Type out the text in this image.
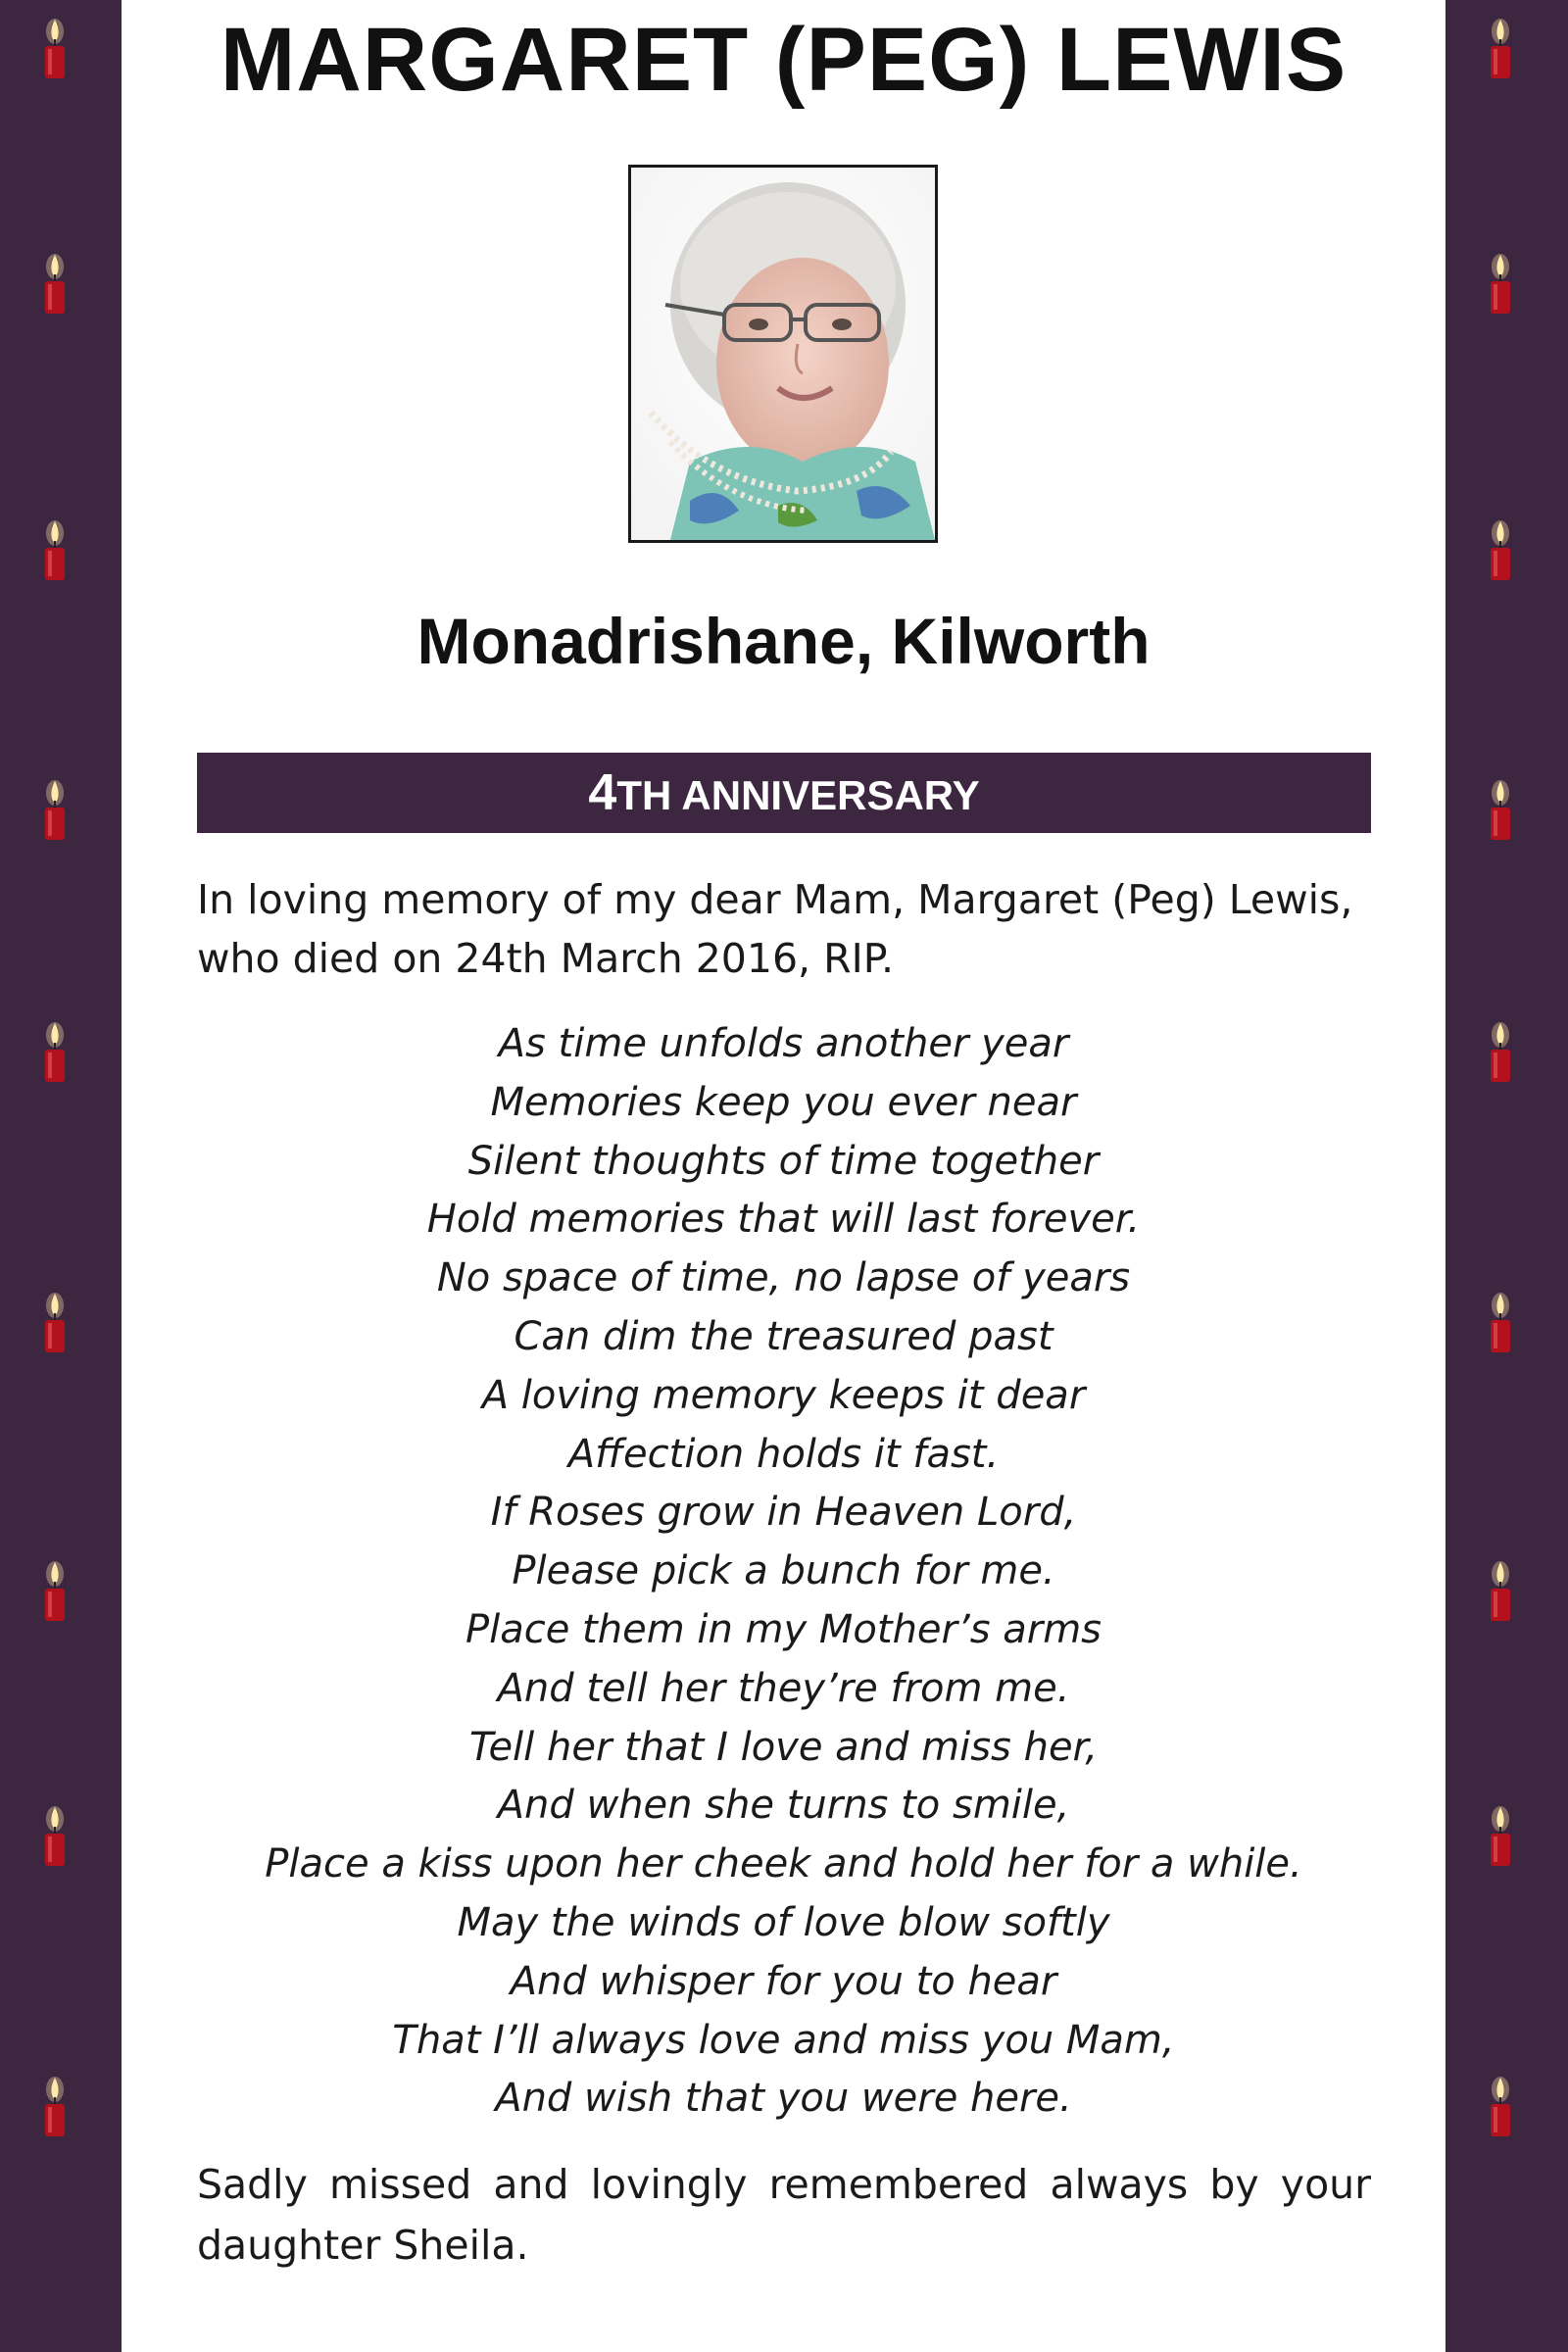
MARGARET (PEG) LEWIS
Monadrishane, Kilworth
4TH ANNIVERSARY
In loving memory of my dear Mam, Margaret (Peg) Lewis, who died on 24th March 2016, RIP.
As time unfolds another year
Memories keep you ever near
Silent thoughts of time together
Hold memories that will last forever.
No space of time, no lapse of years
Can dim the treasured past
A loving memory keeps it dear
Affection holds it fast.
If Roses grow in Heaven Lord,
Please pick a bunch for me.
Place them in my Mother’s arms
And tell her they’re from me.
Tell her that I love and miss her,
And when she turns to smile,
Place a kiss upon her cheek and hold her for a while.
May the winds of love blow softly
And whisper for you to hear
That I’ll always love and miss you Mam,
And wish that you were here.
Sadly missed and lovingly remembered always by your daughter Sheila.
